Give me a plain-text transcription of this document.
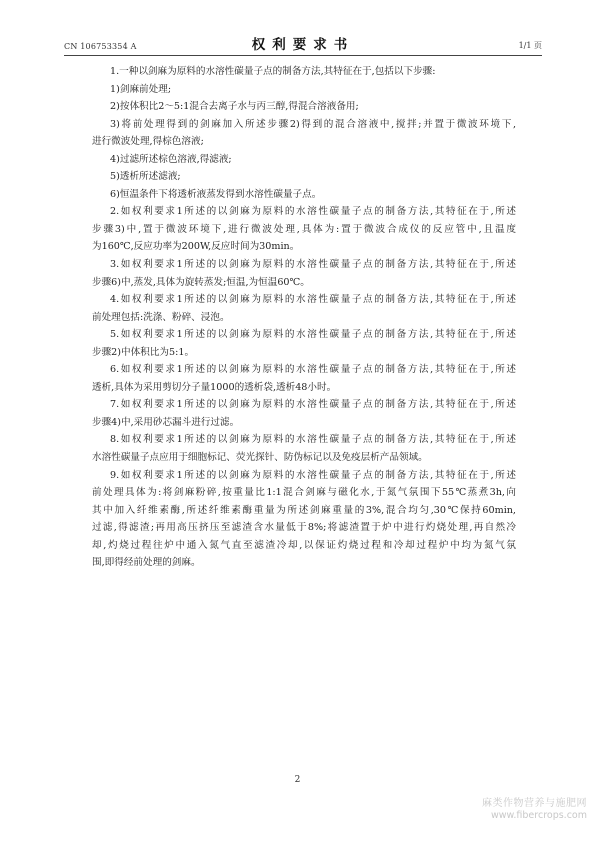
CN 106753354 A	权利要求书	1/1 页

1.一种以剑麻为原料的水溶性碳量子点的制备方法,其特征在于,包括以下步骤:

1)剑麻前处理;

2)按体积比2～5:1混合去离子水与丙三醇,得混合溶液备用;

3)将前处理得到的剑麻加入所述步骤2)得到的混合溶液中,搅拌;并置于微波环境下,
进行微波处理,得棕色溶液;

4)过滤所述棕色溶液,得滤液;

5)透析所述滤液;

6)恒温条件下将透析液蒸发得到水溶性碳量子点。

2.如权利要求1所述的以剑麻为原料的水溶性碳量子点的制备方法,其特征在于,所述
步骤3)中,置于微波环境下,进行微波处理,具体为:置于微波合成仪的反应管中,且温度
为160℃,反应功率为200W,反应时间为30min。

3.如权利要求1所述的以剑麻为原料的水溶性碳量子点的制备方法,其特征在于,所述
步骤6)中,蒸发,具体为旋转蒸发;恒温,为恒温60℃。

4.如权利要求1所述的以剑麻为原料的水溶性碳量子点的制备方法,其特征在于,所述
前处理包括:洗涤、粉碎、浸泡。

5.如权利要求1所述的以剑麻为原料的水溶性碳量子点的制备方法,其特征在于,所述
步骤2)中体积比为5:1。

6.如权利要求1所述的以剑麻为原料的水溶性碳量子点的制备方法,其特征在于,所述
透析,具体为采用剪切分子量1000的透析袋,透析48小时。

7.如权利要求1所述的以剑麻为原料的水溶性碳量子点的制备方法,其特征在于,所述
步骤4)中,采用砂芯漏斗进行过滤。

8.如权利要求1所述的以剑麻为原料的水溶性碳量子点的制备方法,其特征在于,所述
水溶性碳量子点应用于细胞标记、荧光探针、防伪标记以及免疫层析产品领域。

9.如权利要求1所述的以剑麻为原料的水溶性碳量子点的制备方法,其特征在于,所述
前处理具体为:将剑麻粉碎,按重量比1:1混合剑麻与磁化水,于氮气氛围下55℃蒸煮3h,向
其中加入纤维素酶,所述纤维素酶重量为所述剑麻重量的3%,混合均匀,30℃保持60min,
过滤,得滤渣;再用高压挤压至滤渣含水量低于8%;将滤渣置于炉中进行灼烧处理,再自然冷
却,灼烧过程往炉中通入氮气直至滤渣冷却,以保证灼烧过程和冷却过程炉中均为氮气氛
围,即得经前处理的剑麻。

2
麻类作物营养与施肥网
www.fibercrops.com
